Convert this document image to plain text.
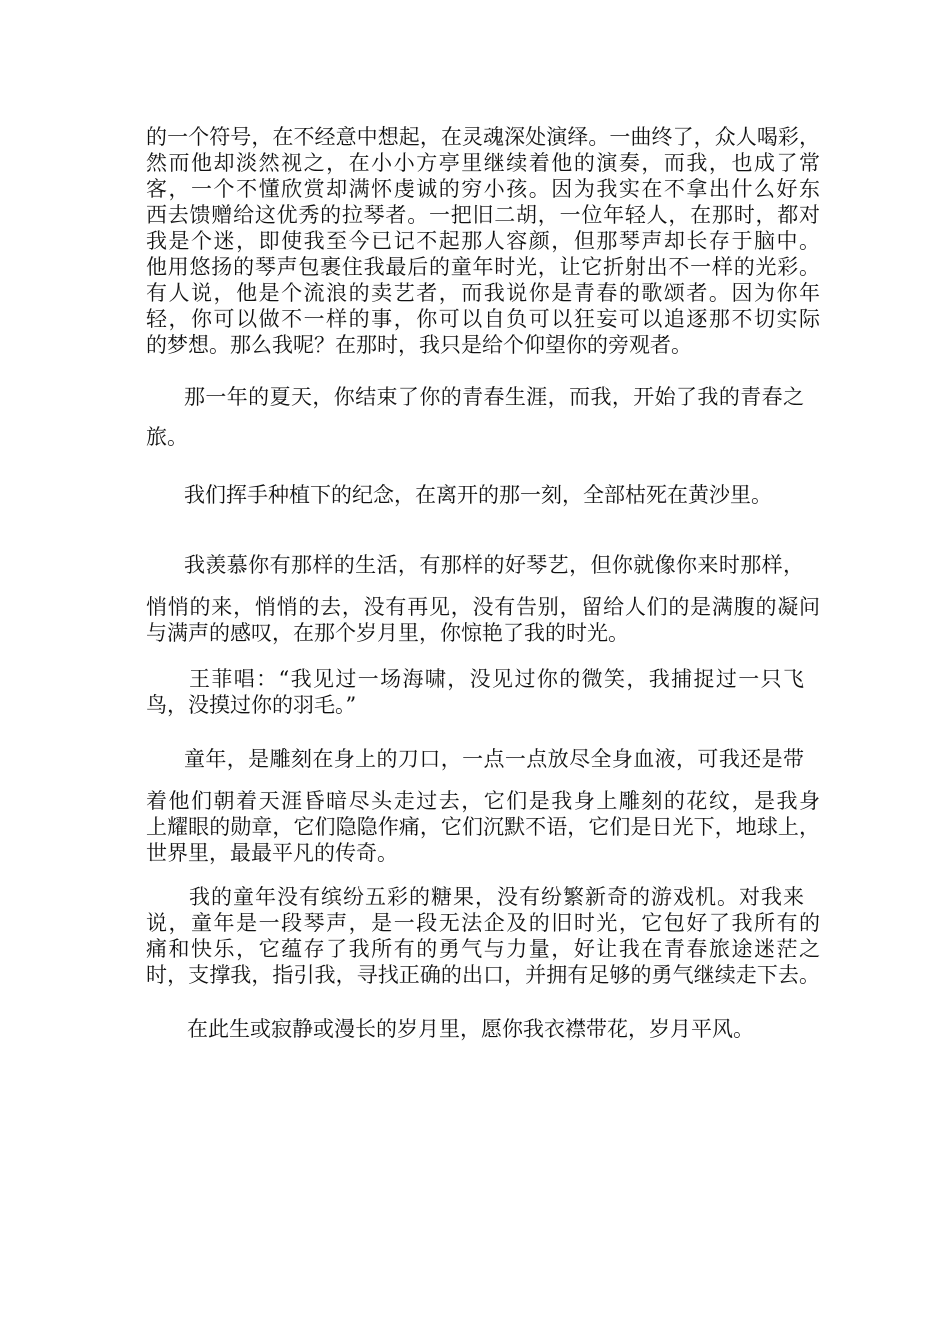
的一个符号，在不经意中想起，在灵魂深处演绎。一曲终了，众人喝彩，

然而他却淡然视之，在小小方亭里继续着他的演奏，而我，也成了常

客，一个不懂欣赏却满怀虔诚的穷小孩。因为我实在不拿出什么好东

西去馈赠给这优秀的拉琴者。一把旧二胡，一位年轻人，在那时，都对

我是个迷，即使我至今已记不起那人容颜，但那琴声却长存于脑中。

他用悠扬的琴声包裹住我最后的童年时光，让它折射出不一样的光彩。

有人说，他是个流浪的卖艺者，而我说你是青春的歌颂者。因为你年

轻，你可以做不一样的事，你可以自负可以狂妄可以追逐那不切实际

的梦想。那么我呢？在那时，我只是给个仰望你的旁观者。

那一年的夏天，你结束了你的青春生涯，而我，开始了我的青春之

旅。

我们挥手种植下的纪念，在离开的那一刻，全部枯死在黄沙里。

我羡慕你有那样的生活，有那样的好琴艺，但你就像你来时那样，

悄悄的来，悄悄的去，没有再见，没有告别，留给人们的是满腹的凝问

与满声的感叹，在那个岁月里，你惊艳了我的时光。

王菲唱：“我见过一场海啸，没见过你的微笑，我捕捉过一只飞

鸟，没摸过你的羽毛。”

童年，是雕刻在身上的刀口，一点一点放尽全身血液，可我还是带

着他们朝着天涯昏暗尽头走过去，它们是我身上雕刻的花纹，是我身

上耀眼的勋章，它们隐隐作痛，它们沉默不语，它们是日光下，地球上，

世界里，最最平凡的传奇。

我的童年没有缤纷五彩的糖果，没有纷繁新奇的游戏机。对我来

说，童年是一段琴声，是一段无法企及的旧时光，它包好了我所有的

痛和快乐，它蕴存了我所有的勇气与力量，好让我在青春旅途迷茫之

时，支撑我，指引我，寻找正确的出口，并拥有足够的勇气继续走下去。

在此生或寂静或漫长的岁月里，愿你我衣襟带花，岁月平风。
